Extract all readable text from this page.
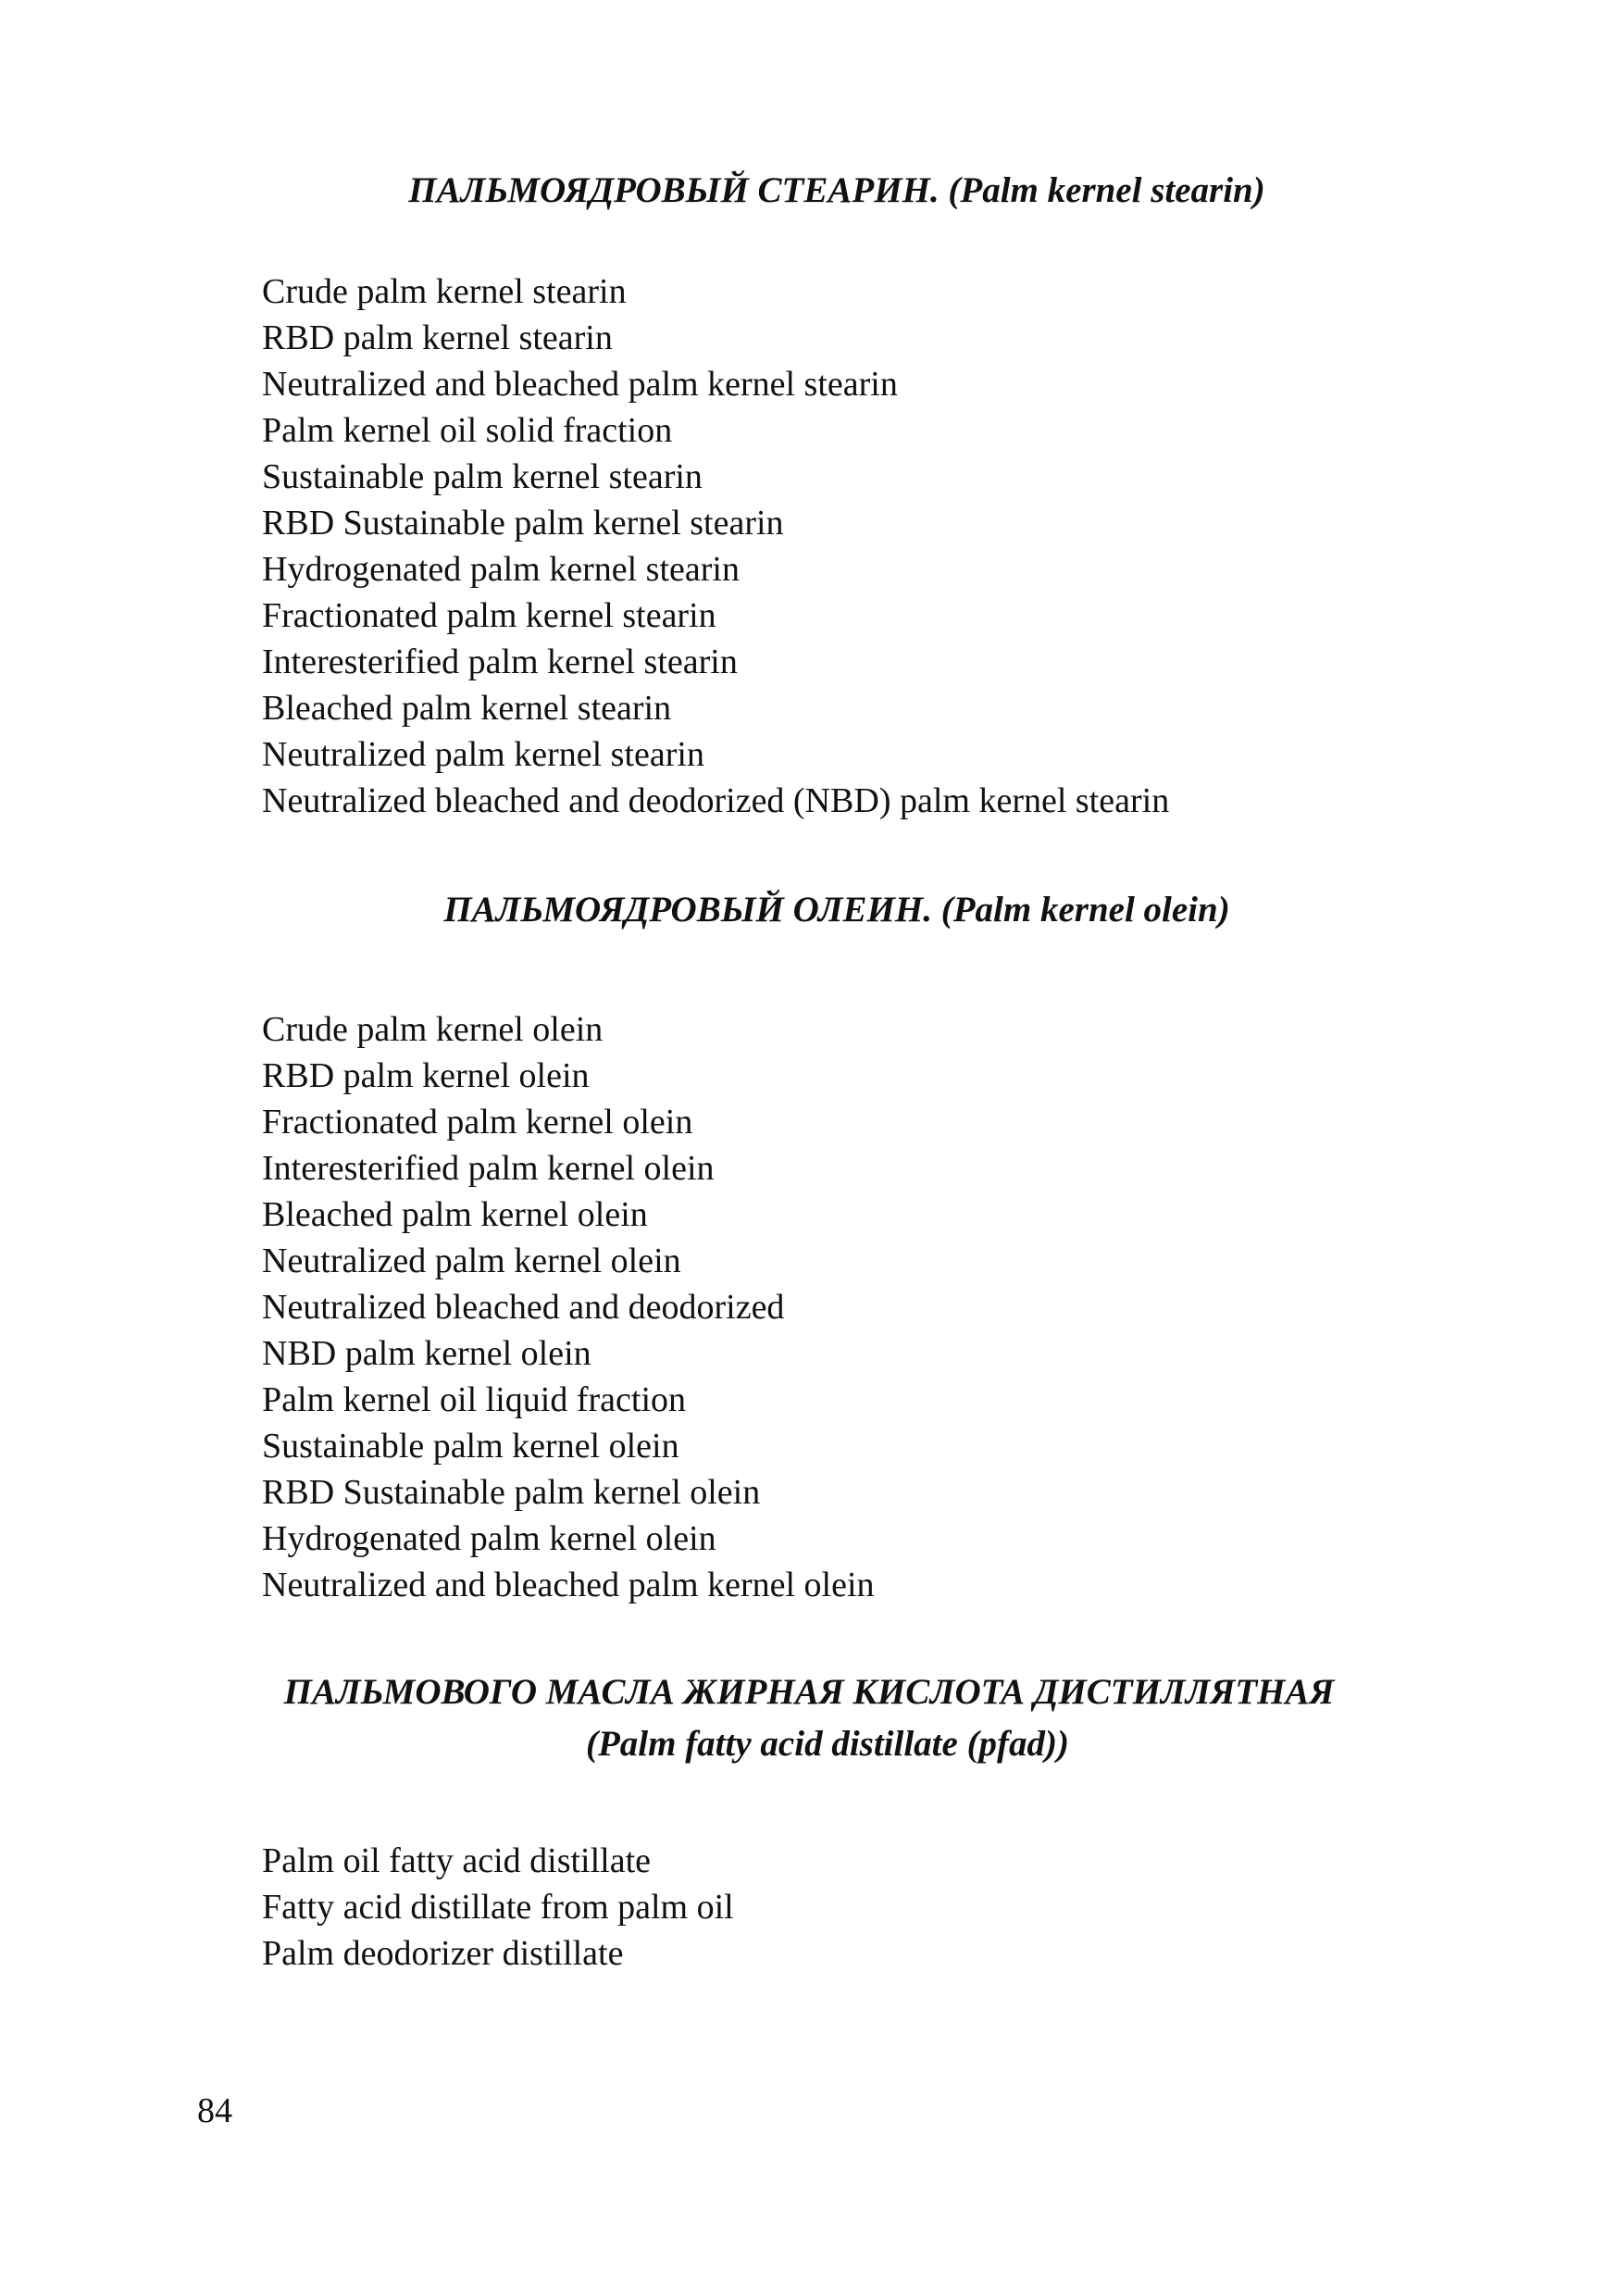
ПАЛЬМОЯДРОВЫЙ СТЕАРИН. (Palm kernel stearin)
Crude palm kernel stearin
RBD palm kernel stearin
Neutralized and bleached palm kernel stearin
Palm kernel oil solid fraction
Sustainable palm kernel stearin
RBD Sustainable palm kernel stearin
Hydrogenated palm kernel stearin
Fractionated palm kernel stearin
Interesterified palm kernel stearin
Bleached palm kernel stearin
Neutralized palm kernel stearin
Neutralized bleached and deodorized (NBD) palm kernel stearin
ПАЛЬМОЯДРОВЫЙ ОЛЕИН. (Palm kernel olein)
Crude palm kernel olein
RBD palm kernel olein
Fractionated palm kernel olein
Interesterified palm kernel olein
Bleached palm kernel olein
Neutralized palm kernel olein
Neutralized bleached and deodorized
NBD palm kernel olein
Palm kernel oil liquid fraction
Sustainable palm kernel olein
RBD Sustainable palm kernel olein
Hydrogenated palm kernel olein
Neutralized and bleached palm kernel olein
ПАЛЬМОВОГО МАСЛА ЖИРНАЯ КИСЛОТА ДИСТИЛЛЯТНАЯ
(Palm fatty acid distillate (pfad))
Palm oil fatty acid distillate
Fatty acid distillate from palm oil
Palm deodorizer distillate

84
